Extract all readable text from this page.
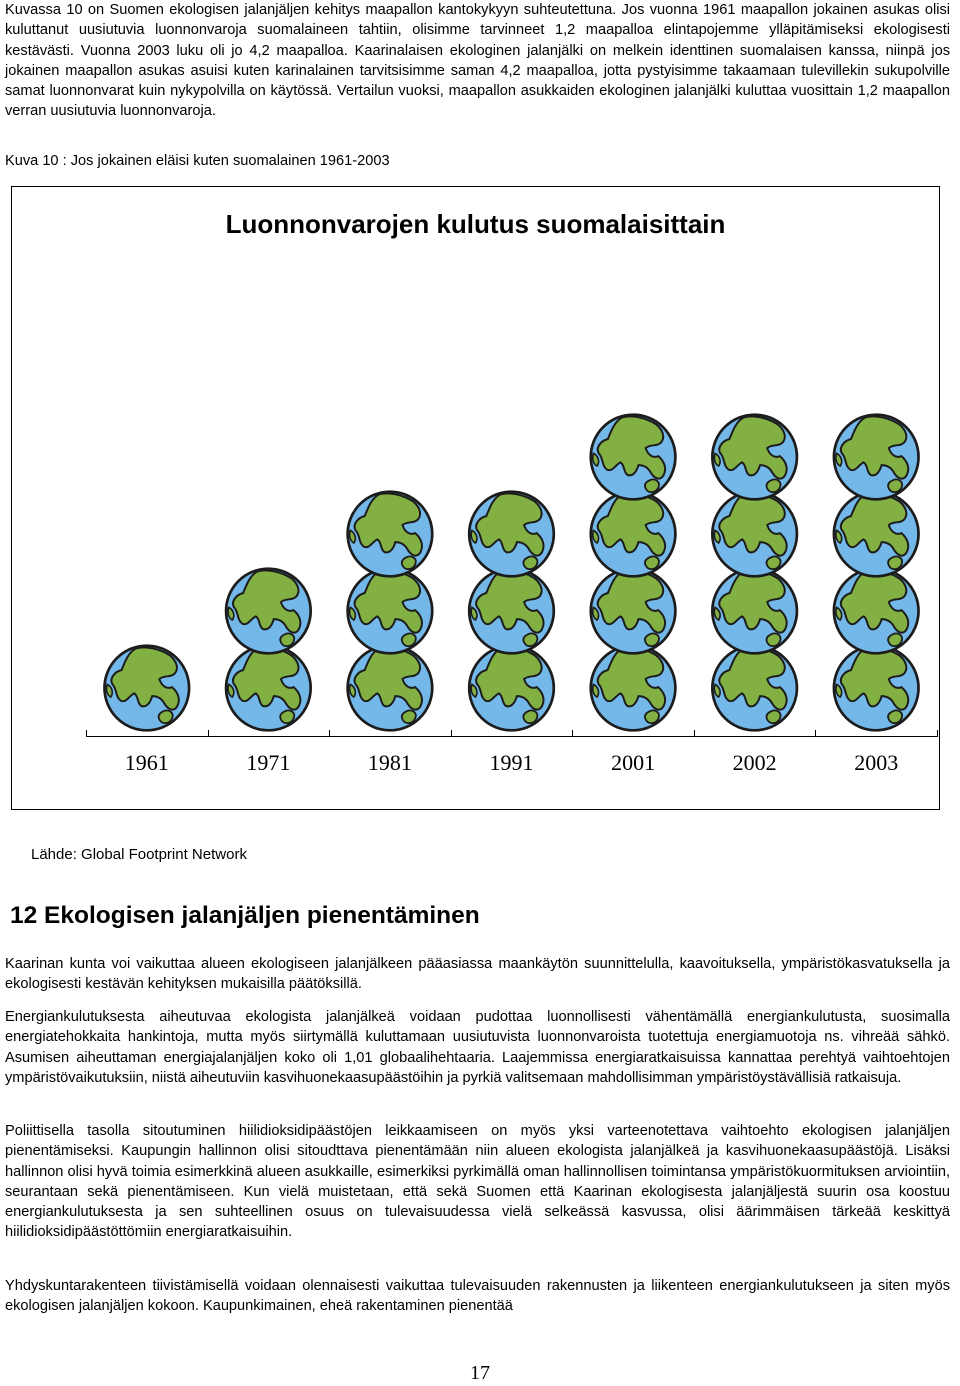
Kuvassa 10 on Suomen ekologisen jalanjäljen kehitys maapallon kantokykyyn suhteutettuna. Jos vuonna 1961 maapallon jokainen asukas olisi kuluttanut uusiutuvia luonnonvaroja suomalaineen tahtiin, olisimme tarvinneet 1,2 maapalloa elintapojemme ylläpitämiseksi ekologisesti kestävästi. Vuonna 2003 luku oli jo 4,2 maapalloa. Kaarinalaisen ekologinen jalanjälki on melkein identtinen suomalaisen kanssa, niinpä jos jokainen maapallon asukas asuisi kuten karinalainen tarvitsisimme saman 4,2 maapalloa, jotta pystyisimme takaamaan tulevillekin sukupolville samat luonnonvarat kuin nykypolvilla on käytössä. Vertailun vuoksi, maapallon asukkaiden ekologinen jalanjälki kuluttaa vuosittain 1,2 maapallon verran uusiutuvia luonnonvaroja.

Kuva 10 : Jos jokainen eläisi kuten suomalainen 1961-2003

Luonnonvarojen kulutus suomalaisittain

1961	1971	1981	1991	2001	2002	2003

Lähde: Global Footprint Network

12 Ekologisen jalanjäljen pienentäminen

Kaarinan kunta voi vaikuttaa alueen ekologiseen jalanjälkeen pääasiassa maankäytön suunnittelulla, kaavoituksella, ympäristökasvatuksella ja ekologisesti kestävän kehityksen mukaisilla päätöksillä.

Energiankulutuksesta aiheutuvaa ekologista jalanjälkeä voidaan pudottaa luonnollisesti vähentämällä energiankulutusta, suosimalla energiatehokkaita hankintoja, mutta myös siirtymällä kuluttamaan uusiutuvista luonnonvaroista tuotettuja energiamuotoja ns. vihreää sähkö. Asumisen aiheuttaman energiajalanjäljen koko oli 1,01 globaalihehtaaria. Laajemmissa energiaratkaisuissa kannattaa perehtyä vaihtoehtojen ympäristövaikutuksiin, niistä aiheutuviin kasvihuonekaasupäästöihin ja pyrkiä valitsemaan mahdollisimman ympäristöystävällisiä ratkaisuja.

Poliittisella tasolla sitoutuminen hiilidioksidipäästöjen leikkaamiseen on myös yksi varteenotettava vaihtoehto ekologisen jalanjäljen pienentämiseksi. Kaupungin hallinnon olisi sitoudttava pienentämään niin alueen ekologista jalanjälkeä ja kasvihuonekaasupäästöjä. Lisäksi hallinnon olisi hyvä toimia esimerkkinä alueen asukkaille, esimerkiksi pyrkimällä oman hallinnollisen toimintansa ympäristökuormituksen arviointiin, seurantaan sekä pienentämiseen. Kun vielä muistetaan, että sekä Suomen että Kaarinan ekologisesta jalanjäljestä suurin osa koostuu energiankulutuksesta ja sen suhteellinen osuus on tulevaisuudessa vielä selkeässä kasvussa, olisi äärimmäisen tärkeää keskittyä hiilidioksidipäästöttömiin energiaratkaisuihin.

Yhdyskuntarakenteen tiivistämisellä voidaan olennaisesti vaikuttaa tulevaisuuden rakennusten ja liikenteen energiankulutukseen ja siten myös ekologisen jalanjäljen kokoon. Kaupunkimainen, eheä rakentaminen pienentää

17
